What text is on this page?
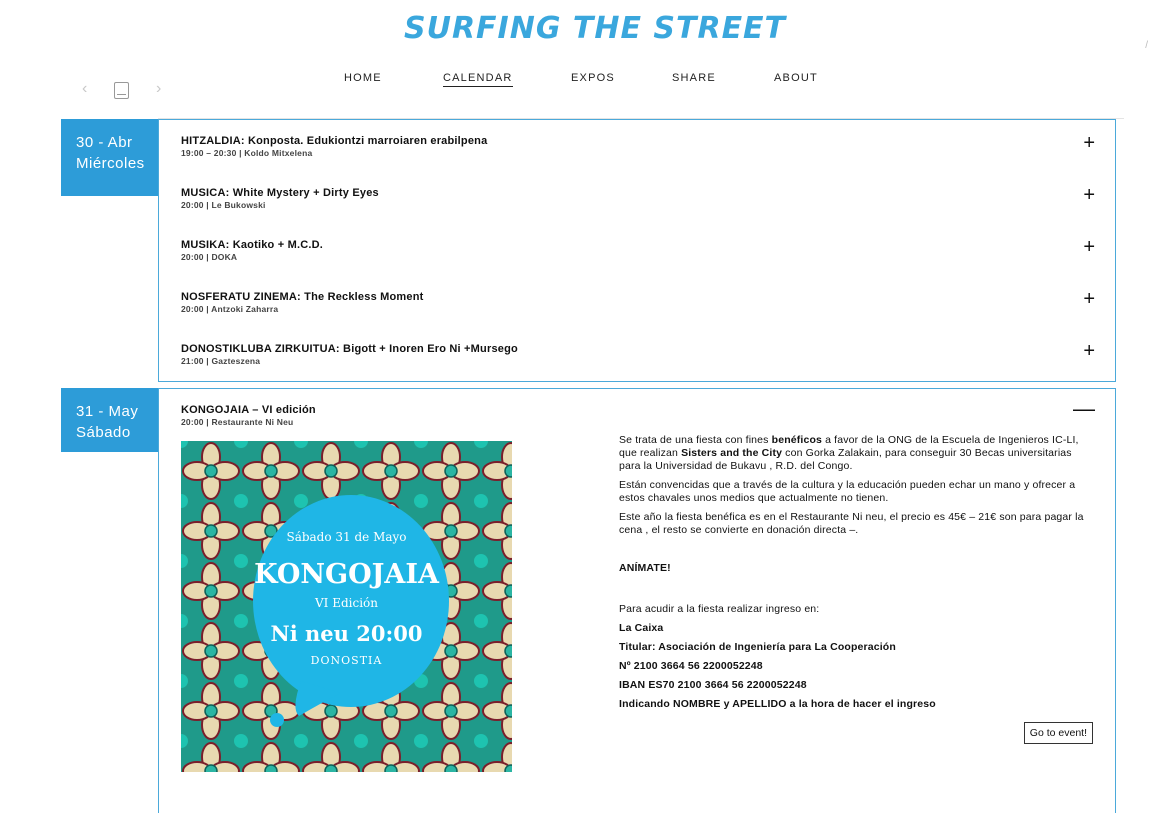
SURFING THE STREET	/
HOME	CALENDAR	EXPOS	SHARE	ABOUT
‹	›
30 - Abr
Miércoles
HITZALDIA: Konposta. Edukiontzi marroiaren erabilpena
19:00 – 20:30 | Koldo Mitxelena	+
MUSICA: White Mystery + Dirty Eyes
20:00 | Le Bukowski	+
MUSIKA: Kaotiko + M.C.D.
20:00 | DOKA	+
NOSFERATU ZINEMA: The Reckless Moment
20:00 | Antzoki Zaharra	+
DONOSTIKLUBA ZIRKUITUA: Bigott + Inoren Ero Ni +Mursego
21:00 | Gazteszena	+
31 - May
Sábado
KONGOJAIA – VI edición
20:00 | Restaurante Ni Neu
—
Sábado 31 de Mayo
KONGOJAIA
VI Edición
Ni neu 20:00
DONOSTIA

Se trata de una fiesta con fines benéficos a favor de la ONG de la Escuela de Ingenieros IC-LI, que realizan Sisters and the City con Gorka Zalakain, para conseguir 30 Becas universitarias para la Universidad de Bukavu , R.D. del Congo.

Están convencidas que a través de la cultura y la educación pueden echar un mano y ofrecer a estos chavales unos medios que actualmente no tienen.

Este año la fiesta benéfica es en el Restaurante Ni neu, el precio es 45€ – 21€ son para pagar la cena , el resto se convierte en donación directa –.

ANÍMATE!

Para acudir a la fiesta realizar ingreso en:

La Caixa

Titular: Asociación de Ingeniería para La Cooperación

Nº 2100 3664 56 2200052248

IBAN ES70 2100 3664 56 2200052248

Indicando NOMBRE y APELLIDO a la hora de hacer el ingreso

Go to event!
